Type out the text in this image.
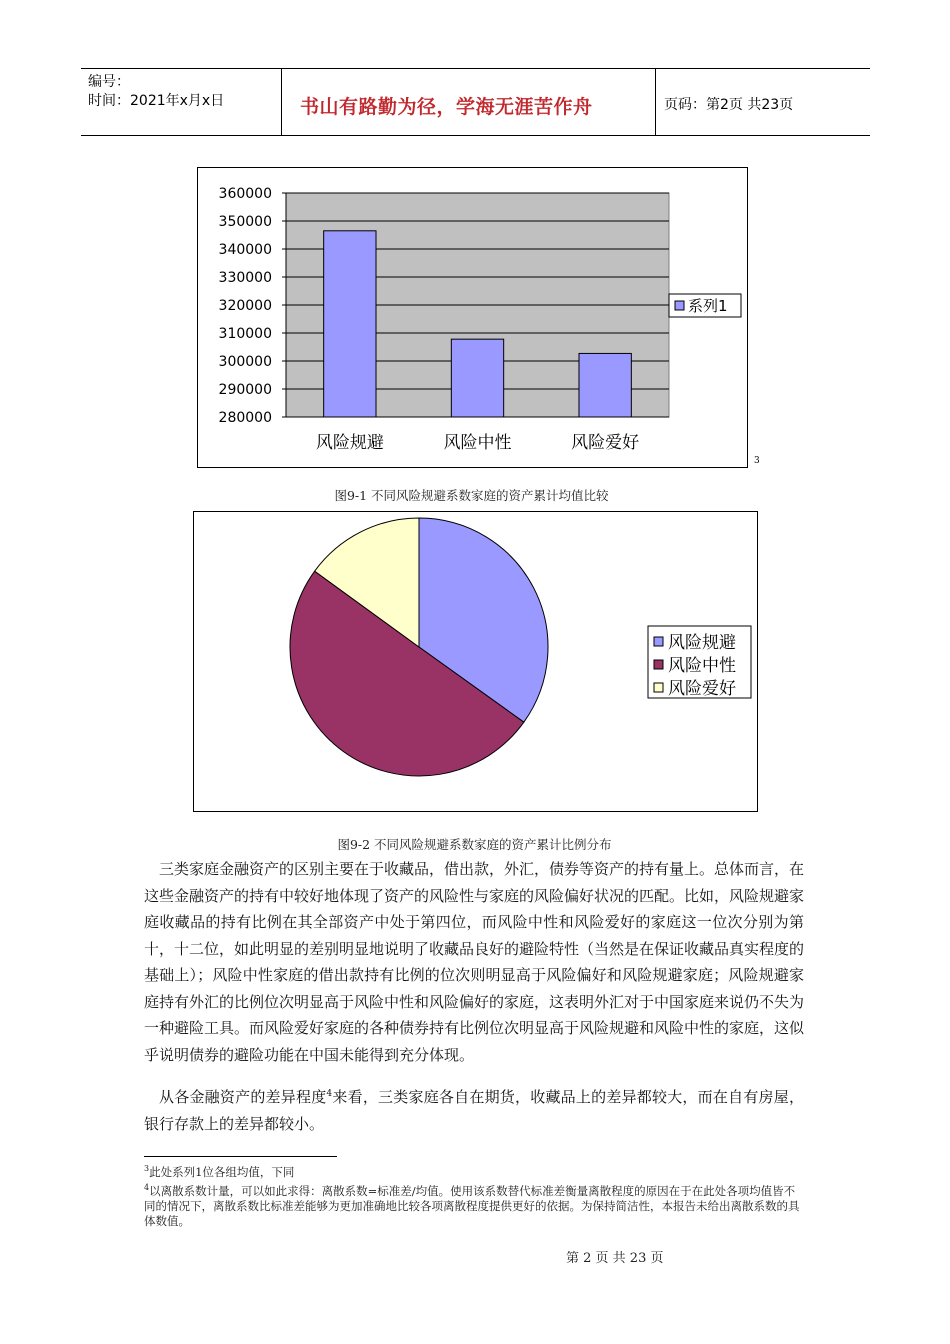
编号：
时间：2021年x月x日	书山有路勤为径，学海无涯苦作舟	页码：第2页 共23页
360000
350000
340000
330000
320000
310000
300000
290000
280000
风险规避	风险中性	风险爱好
系列1
3
图9-1 不同风险规避系数家庭的资产累计均值比较
风险规避
风险中性
风险爱好
图9-2 不同风险规避系数家庭的资产累计比例分布
三类家庭金融资产的区别主要在于收藏品，借出款，外汇，债券等资产的持有量上。总体而言，在这些金融资产的持有中较好地体现了资产的风险性与家庭的风险偏好状况的匹配。比如，风险规避家庭收藏品的持有比例在其全部资产中处于第四位，而风险中性和风险爱好的家庭这一位次分别为第十，十二位，如此明显的差别明显地说明了收藏品良好的避险特性（当然是在保证收藏品真实程度的基础上）；风险中性家庭的借出款持有比例的位次则明显高于风险偏好和风险规避家庭；风险规避家庭持有外汇的比例位次明显高于风险中性和风险偏好的家庭，这表明外汇对于中国家庭来说仍不失为一种避险工具。而风险爱好家庭的各种债券持有比例位次明显高于风险规避和风险中性的家庭，这似乎说明债券的避险功能在中国未能得到充分体现。
从各金融资产的差异程度$^4$来看，三类家庭各自在期货，收藏品上的差异都较大，而在自有房屋，银行存款上的差异都较小。
$^3$此处系列1位各组均值，下同
$^4$以离散系数计量，可以如此求得：离散系数=标准差/均值。使用该系数替代标准差衡量离散程度的原因在于在此处各项均值皆不同的情况下，离散系数比标准差能够为更加准确地比较各项离散程度提供更好的依据。为保持简洁性，本报告未给出离散系数的具体数值。
第 2 页 共 23 页
